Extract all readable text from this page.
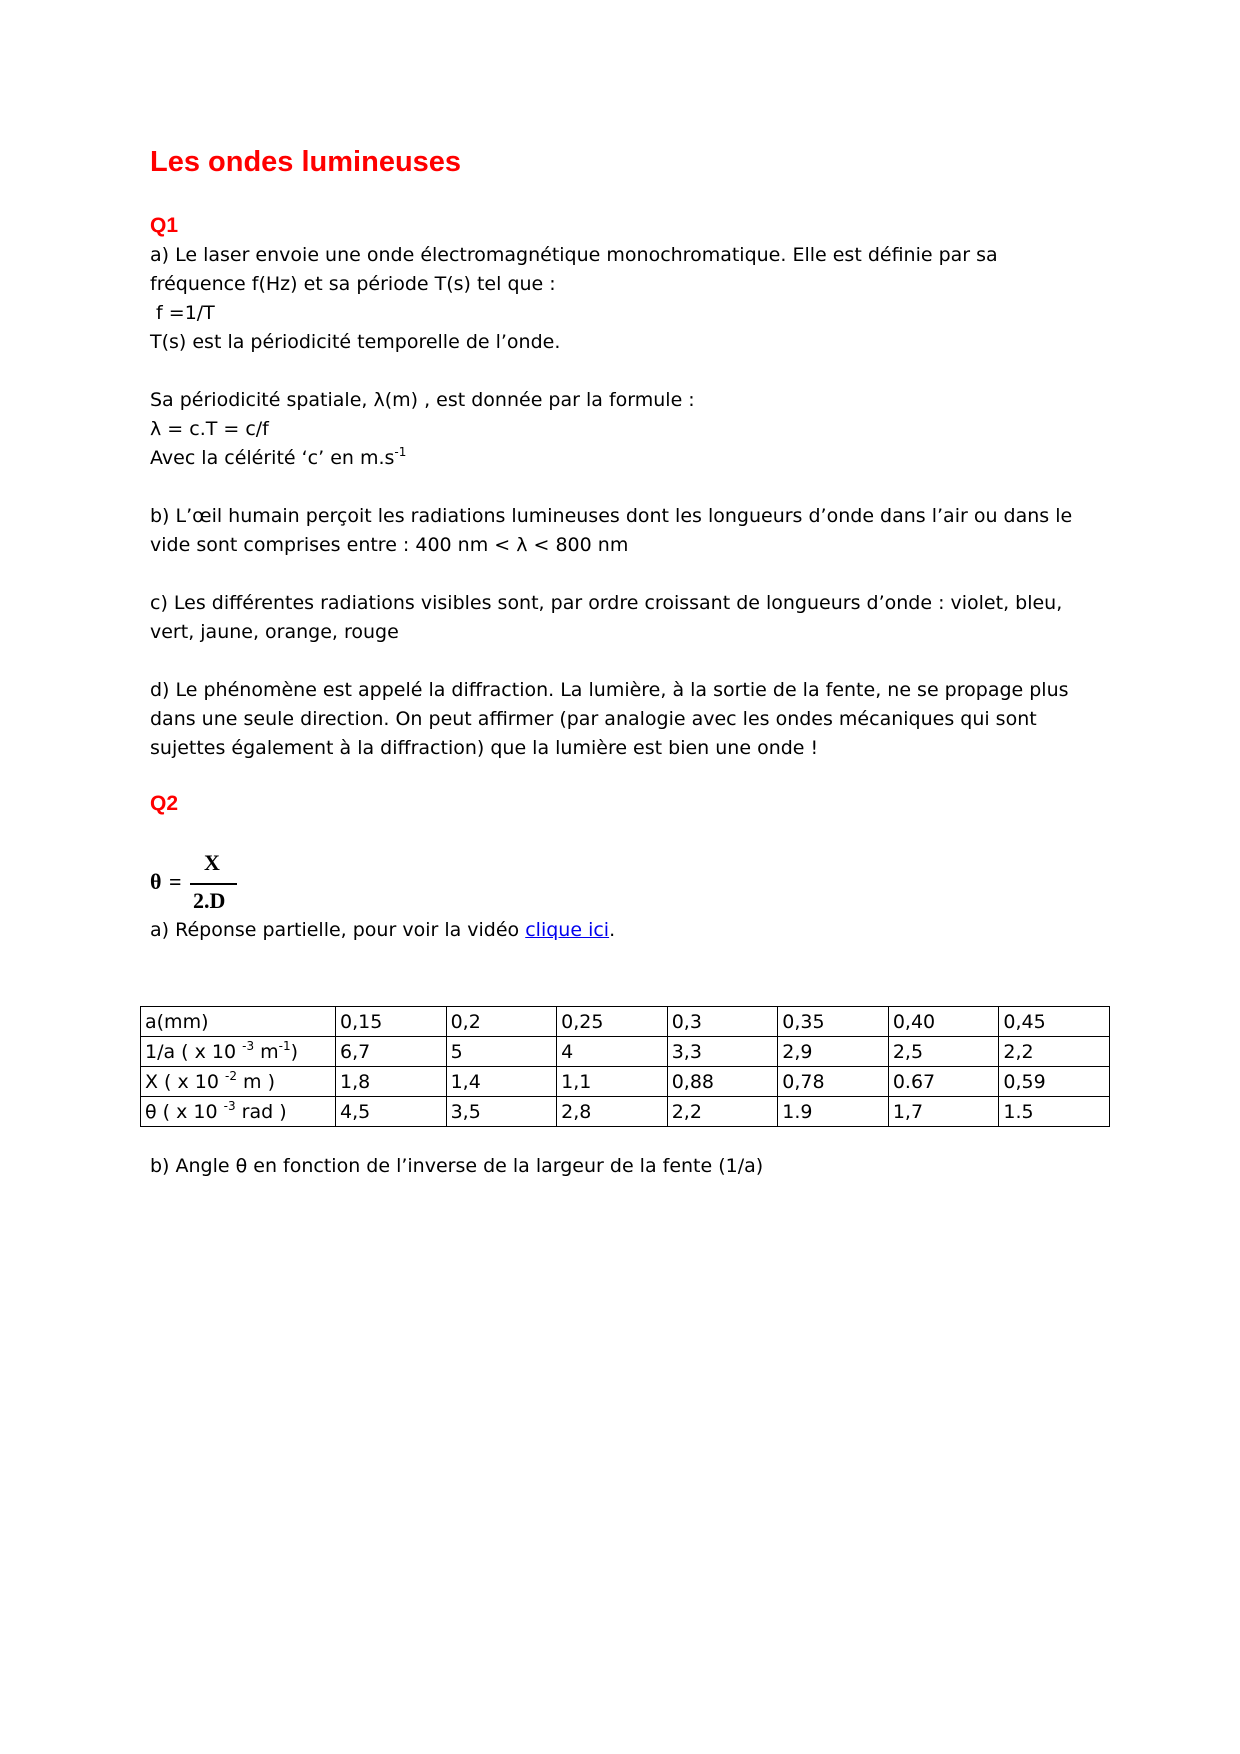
Les ondes lumineuses
Q1
a) Le laser envoie une onde électromagnétique monochromatique. Elle est définie par sa
fréquence f(Hz) et sa période T(s) tel que :
f =1/T
T(s) est la périodicité temporelle de l’onde.
Sa périodicité spatiale, λ(m) , est donnée par la formule :
λ = c.T = c/f
Avec la célérité ‘c’ en $m.s^{-1}$
b) L’œil humain perçoit les radiations lumineuses dont les longueurs d’onde dans l’air ou dans le
vide sont comprises entre : 400 nm < λ < 800 nm
c) Les différentes radiations visibles sont, par ordre croissant de longueurs d’onde : violet, bleu,
vert, jaune, orange, rouge
d) Le phénomène est appelé la diffraction. La lumière, à la sortie de la fente, ne se propage plus
dans une seule direction. On peut affirmer (par analogie avec les ondes mécaniques qui sont
sujettes également à la diffraction) que la lumière est bien une onde !
Q2
θ =
X
2.D
a) Réponse partielle, pour voir la vidéo clique ici.
a(mm)	0,15	0,2	0,25	0,3	0,35	0,40	0,45
1/a ( x 10 $^{-3}$ $m^{-1}$)	6,7	5	4	3,3	2,9	2,5	2,2
X ( x 10 $^{-2}$ m )	1,8	1,4	1,1	0,88	0,78	0.67	0,59
θ ( x 10 $^{-3}$ rad )	4,5	3,5	2,8	2,2	1.9	1,7	1.5
b) Angle θ en fonction de l’inverse de la largeur de la fente (1/a)
